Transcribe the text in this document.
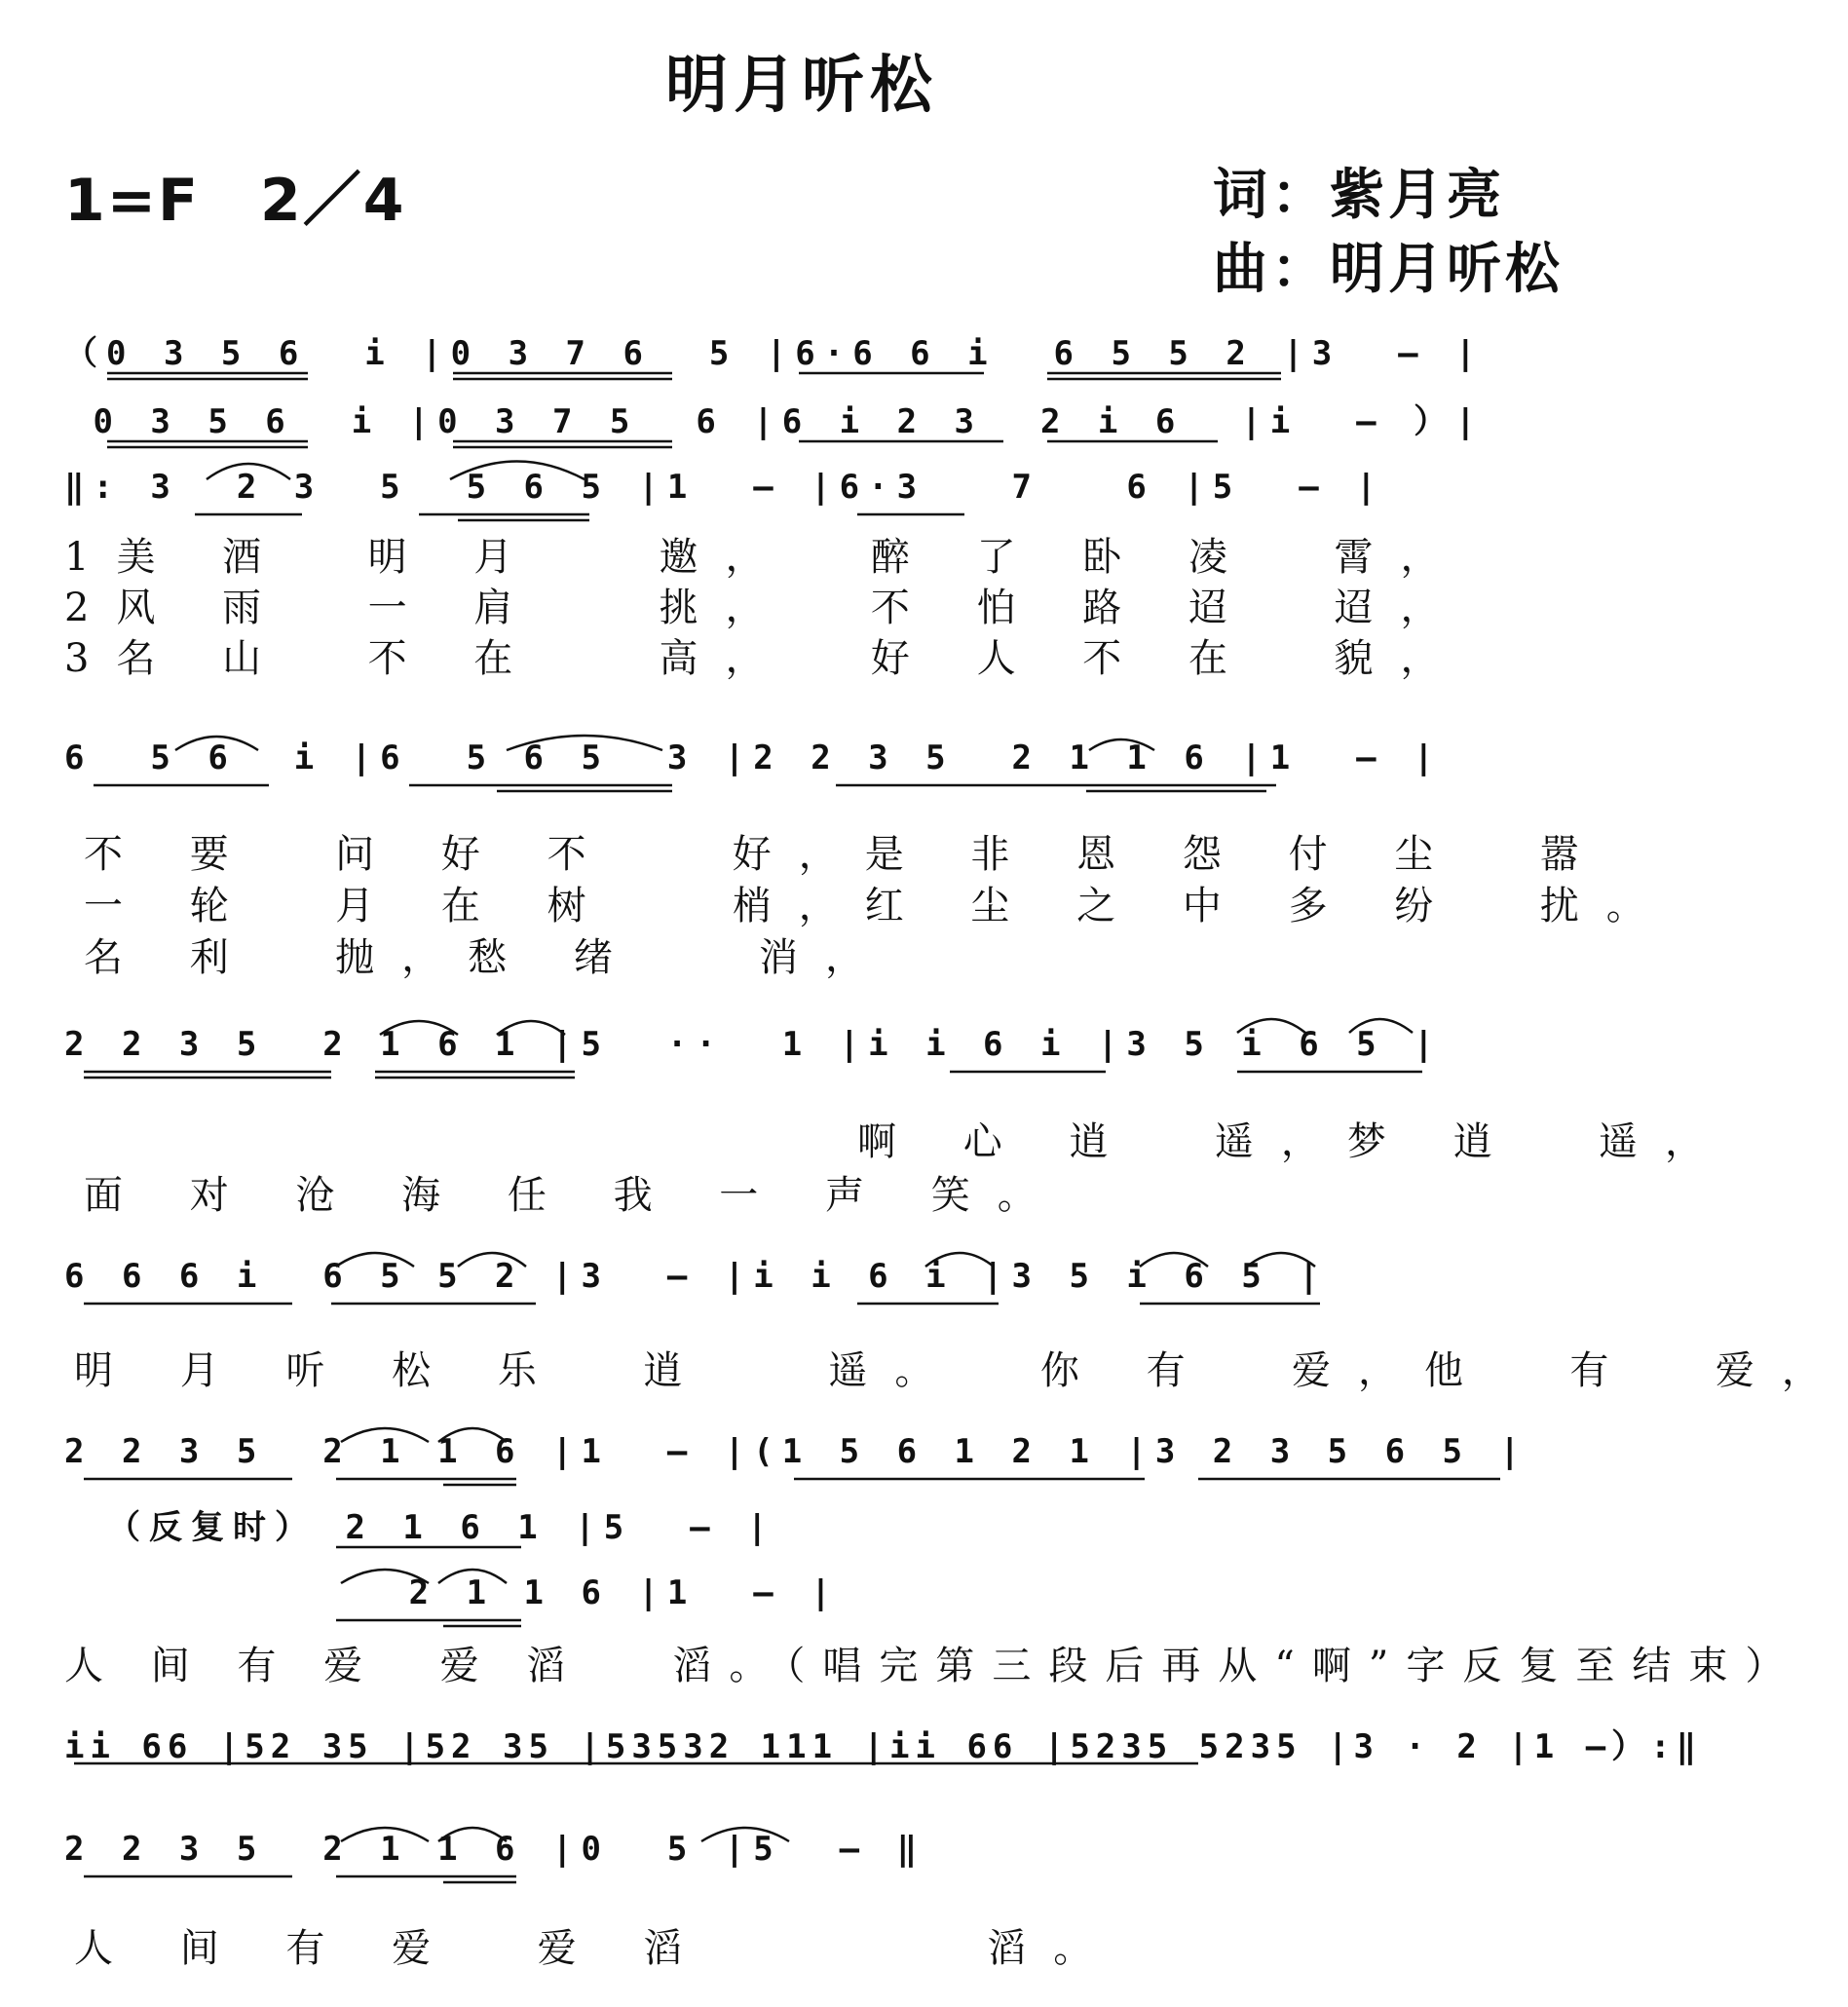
明月听松
1=F　2／4	词：紫月亮
曲：明月听松
（0 3 5 6  i |0 3 7 6  5 |6·6 6 i  6 5 5 2 |3  – |
0 3 5 6  i |0 3 7 5  6 |6 i 2 3  2 i 6  |i  – ）|
‖: 3  2 3  5  5 6 5 |1  – |6·3   7   6 |5  – |
1美 酒  明 月   邀，  醉 了 卧 凌  霄，
2风 雨  一 肩   挑，  不 怕 路 迢  迢，
3名 山  不 在   高，  好 人 不 在  貌，
6  5 6  i |6  5 6 5  3 |2 2 3 5  2 1 1 6 |1  – |
不 要  问 好 不   好，是 非 恩 怨 付 尘  嚣
一 轮  月 在 树   梢，红 尘 之 中 多 纷  扰。
名 利  抛，愁 绪   消，
2 2 3 5  2 1 6 1 |5  ··  1 |i i 6 i |3 5 i 6 5 |
啊 心 逍  遥，梦 逍  遥，
面 对 沧 海 任 我 一 声 笑。
6 6 6 i  6 5 5 2 |3  – |i i 6 i |3 5 i 6 5 |
明 月 听 松 乐  逍   遥。  你 有  爱，他  有  爱，
2 2 3 5  2 1 1 6 |1  – |(1 5 6 1 2 1 |3 2 3 5 6 5 |
（反复时） 2 1 6 1 |5  – |
2 1 1 6 |1  – |
人 间 有 爱  爱 滔   滔。（唱完第三段后再从“啊”字反复至结束）
ii 66 |52 35 |52 35 |53532 111 |ii 66 |5235 5235 |3 · 2 |1 –）:‖
2 2 3 5  2 1 1 6 |0  5 |5  – ‖
人 间 有 爱  爱 滔       滔。
